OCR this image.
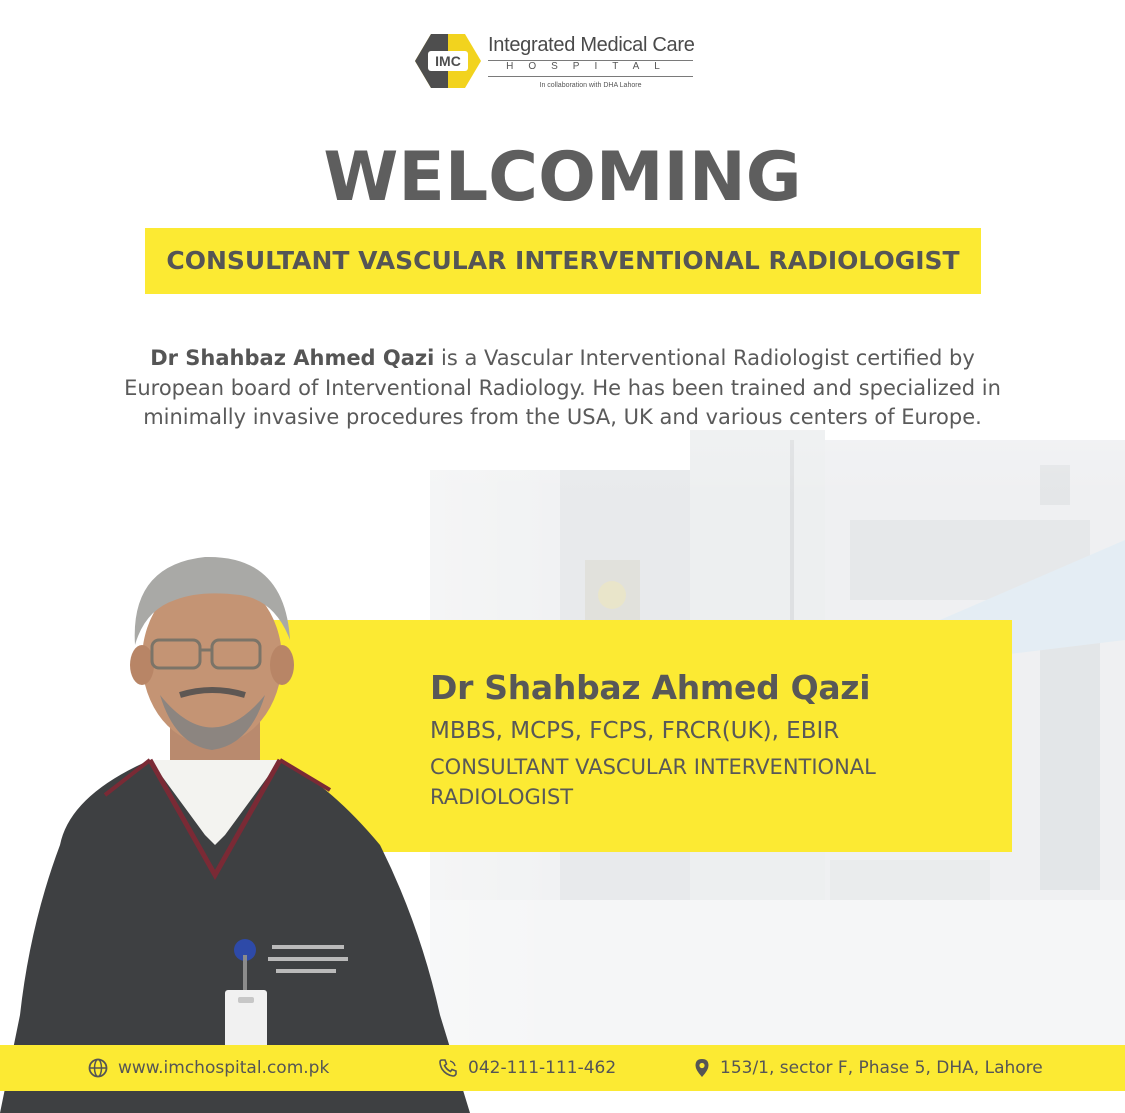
IMC
Integrated Medical Care
HOSPITAL
In collaboration with DHA Lahore
WELCOMING
CONSULTANT VASCULAR INTERVENTIONAL RADIOLOGIST
Dr Shahbaz Ahmed Qazi is a Vascular Interventional Radiologist certified by European board of Interventional Radiology. He has been trained and specialized in minimally invasive procedures from the USA, UK and various centers of Europe.
Dr Shahbaz Ahmed Qazi
MBBS, MCPS, FCPS, FRCR(UK), EBIR
CONSULTANT VASCULAR INTERVENTIONAL RADIOLOGIST
www.imchospital.com.pk	042-111-111-462	153/1, sector F, Phase 5, DHA, Lahore
